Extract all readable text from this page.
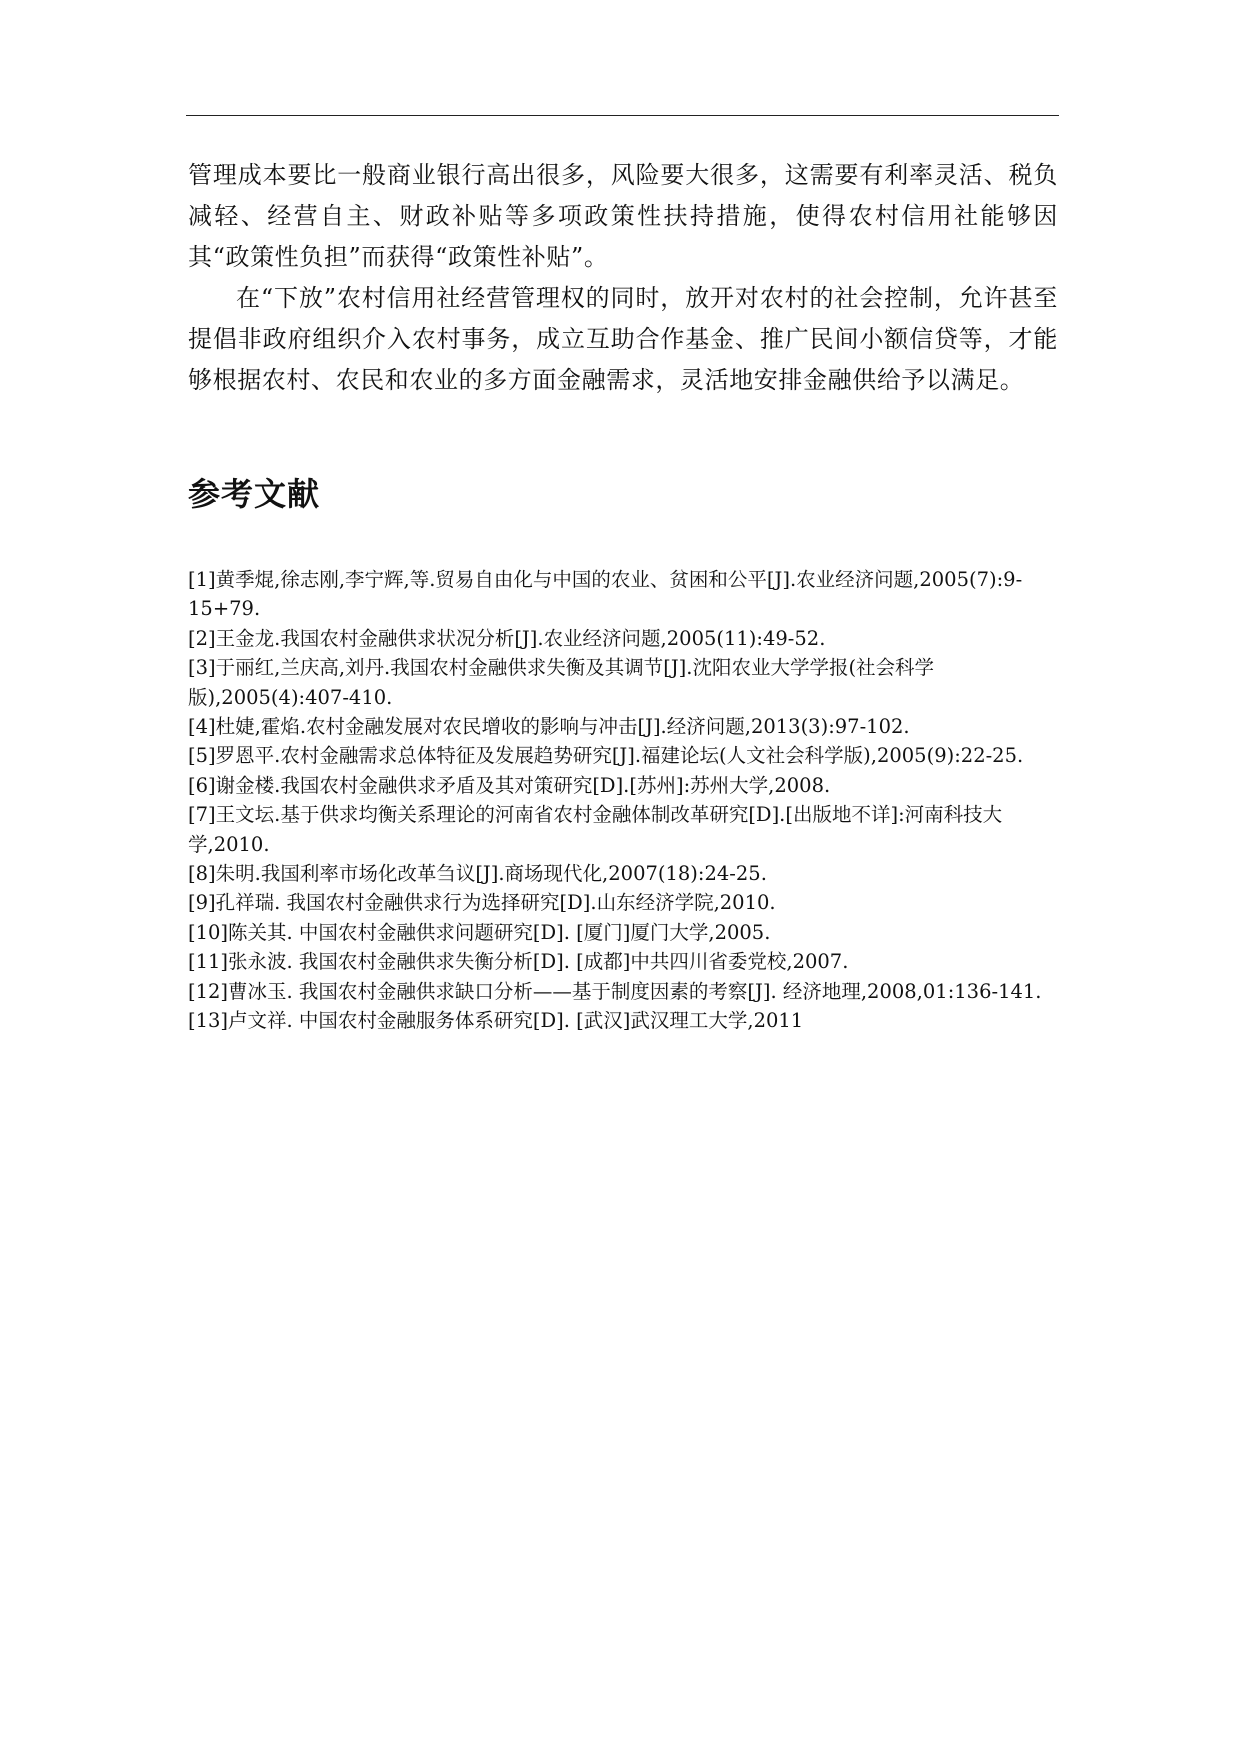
管理成本要比一般商业银行高出很多，风险要大很多，这需要有利率灵活、税负减轻、经营自主、财政补贴等多项政策性扶持措施，使得农村信用社能够因其“政策性负担”而获得“政策性补贴”。

在“下放”农村信用社经营管理权的同时，放开对农村的社会控制，允许甚至提倡非政府组织介入农村事务，成立互助合作基金、推广民间小额信贷等，才能够根据农村、农民和农业的多方面金融需求，灵活地安排金融供给予以满足。

参考文献
[1]黄季焜,徐志刚,李宁辉,等.贸易自由化与中国的农业、贫困和公平[J].农业经济问题,2005(7):9-15+79.
[2]王金龙.我国农村金融供求状况分析[J].农业经济问题,2005(11):49-52.
[3]于丽红,兰庆高,刘丹.我国农村金融供求失衡及其调节[J].沈阳农业大学学报(社会科学版),2005(4):407-410.
[4]杜婕,霍焰.农村金融发展对农民增收的影响与冲击[J].经济问题,2013(3):97-102.
[5]罗恩平.农村金融需求总体特征及发展趋势研究[J].福建论坛(人文社会科学版),2005(9):22-25.
[6]谢金楼.我国农村金融供求矛盾及其对策研究[D].[苏州]:苏州大学,2008.
[7]王文坛.基于供求均衡关系理论的河南省农村金融体制改革研究[D].[出版地不详]:河南科技大学,2010.
[8]朱明.我国利率市场化改革刍议[J].商场现代化,2007(18):24-25.
[9]孔祥瑞. 我国农村金融供求行为选择研究[D].山东经济学院,2010.
[10]陈关其. 中国农村金融供求问题研究[D]. [厦门]厦门大学,2005.
[11]张永波. 我国农村金融供求失衡分析[D]. [成都]中共四川省委党校,2007.
[12]曹冰玉. 我国农村金融供求缺口分析——基于制度因素的考察[J]. 经济地理,2008,01:136-141.
[13]卢文祥. 中国农村金融服务体系研究[D]. [武汉]武汉理工大学,2011
